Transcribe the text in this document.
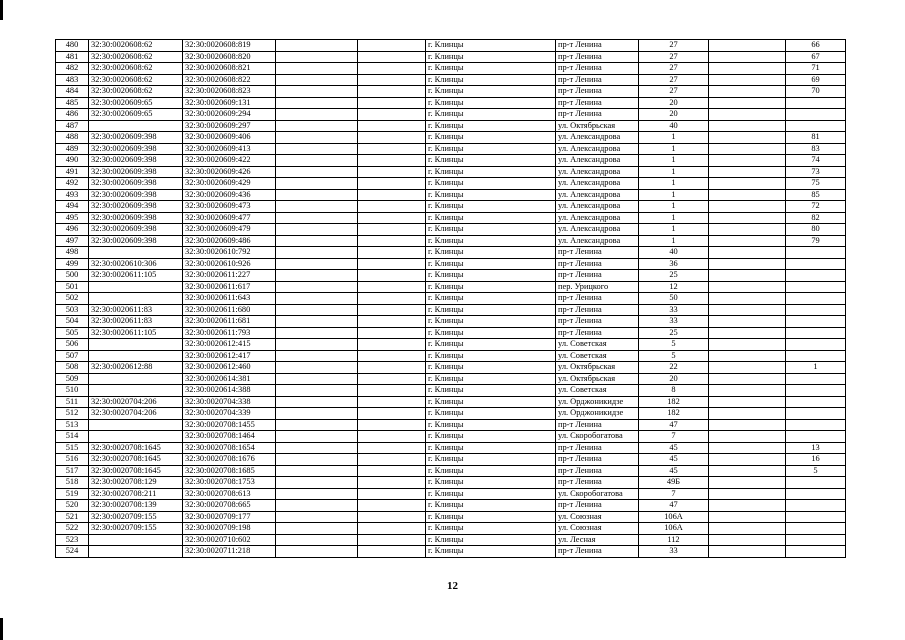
480	32:30:0020608:62	32:30:0020608:819			г. Клинцы	пр-т Ленина	27		66
481	32:30:0020608:62	32:30:0020608:820			г. Клинцы	пр-т Ленина	27		67
482	32:30:0020608:62	32:30:0020608:821			г. Клинцы	пр-т Ленина	27		71
483	32:30:0020608:62	32:30:0020608:822			г. Клинцы	пр-т Ленина	27		69
484	32:30:0020608:62	32:30:0020608:823			г. Клинцы	пр-т Ленина	27		70
485	32:30:0020609:65	32:30:0020609:131			г. Клинцы	пр-т Ленина	20		
486	32:30:0020609:65	32:30:0020609:294			г. Клинцы	пр-т Ленина	20		
487		32:30:0020609:297			г. Клинцы	ул. Октябрьская	40		
488	32:30:0020609:398	32:30:0020609:406			г. Клинцы	ул. Александрова	1		81
489	32:30:0020609:398	32:30:0020609:413			г. Клинцы	ул. Александрова	1		83
490	32:30:0020609:398	32:30:0020609:422			г. Клинцы	ул. Александрова	1		74
491	32:30:0020609:398	32:30:0020609:426			г. Клинцы	ул. Александрова	1		73
492	32:30:0020609:398	32:30:0020609:429			г. Клинцы	ул. Александрова	1		75
493	32:30:0020609:398	32:30:0020609:436			г. Клинцы	ул. Александрова	1		85
494	32:30:0020609:398	32:30:0020609:473			г. Клинцы	ул. Александрова	1		72
495	32:30:0020609:398	32:30:0020609:477			г. Клинцы	ул. Александрова	1		82
496	32:30:0020609:398	32:30:0020609:479			г. Клинцы	ул. Александрова	1		80
497	32:30:0020609:398	32:30:0020609:486			г. Клинцы	ул. Александрова	1		79
498		32:30:0020610:792			г. Клинцы	пр-т Ленина	40		
499	32:30:0020610:306	32:30:0020610:926			г. Клинцы	пр-т Ленина	36		
500	32:30:0020611:105	32:30:0020611:227			г. Клинцы	пр-т Ленина	25		
501		32:30:0020611:617			г. Клинцы	пер. Урицкого	12		
502		32:30:0020611:643			г. Клинцы	пр-т Ленина	50		
503	32:30:0020611:83	32:30:0020611:680			г. Клинцы	пр-т Ленина	33		
504	32:30:0020611:83	32:30:0020611:681			г. Клинцы	пр-т Ленина	33		
505	32:30:0020611:105	32:30:0020611:793			г. Клинцы	пр-т Ленина	25		
506		32:30:0020612:415			г. Клинцы	ул. Советская	5		
507		32:30:0020612:417			г. Клинцы	ул. Советская	5		
508	32:30:0020612:88	32:30:0020612:460			г. Клинцы	ул. Октябрьская	22		1
509		32:30:0020614:381			г. Клинцы	ул. Октябрьская	20		
510		32:30:0020614:388			г. Клинцы	ул. Советская	8		
511	32:30:0020704:206	32:30:0020704:338			г. Клинцы	ул. Орджоникидзе	182		
512	32:30:0020704:206	32:30:0020704:339			г. Клинцы	ул. Орджоникидзе	182		
513		32:30:0020708:1455			г. Клинцы	пр-т Ленина	47		
514		32:30:0020708:1464			г. Клинцы	ул. Скоробогатова	7		
515	32:30:0020708:1645	32:30:0020708:1654			г. Клинцы	пр-т Ленина	45		13
516	32:30:0020708:1645	32:30:0020708:1676			г. Клинцы	пр-т Ленина	45		16
517	32:30:0020708:1645	32:30:0020708:1685			г. Клинцы	пр-т Ленина	45		5
518	32:30:0020708:129	32:30:0020708:1753			г. Клинцы	пр-т Ленина	49Б		
519	32:30:0020708:211	32:30:0020708:613			г. Клинцы	ул. Скоробогатова	7		
520	32:30:0020708:139	32:30:0020708:665			г. Клинцы	пр-т Ленина	47		
521	32:30:0020709:155	32:30:0020709:177			г. Клинцы	ул. Союзная	106А		
522	32:30:0020709:155	32:30:0020709:198			г. Клинцы	ул. Союзная	106А		
523		32:30:0020710:602			г. Клинцы	ул. Лесная	112		
524		32:30:0020711:218			г. Клинцы	пр-т Ленина	33		
12
